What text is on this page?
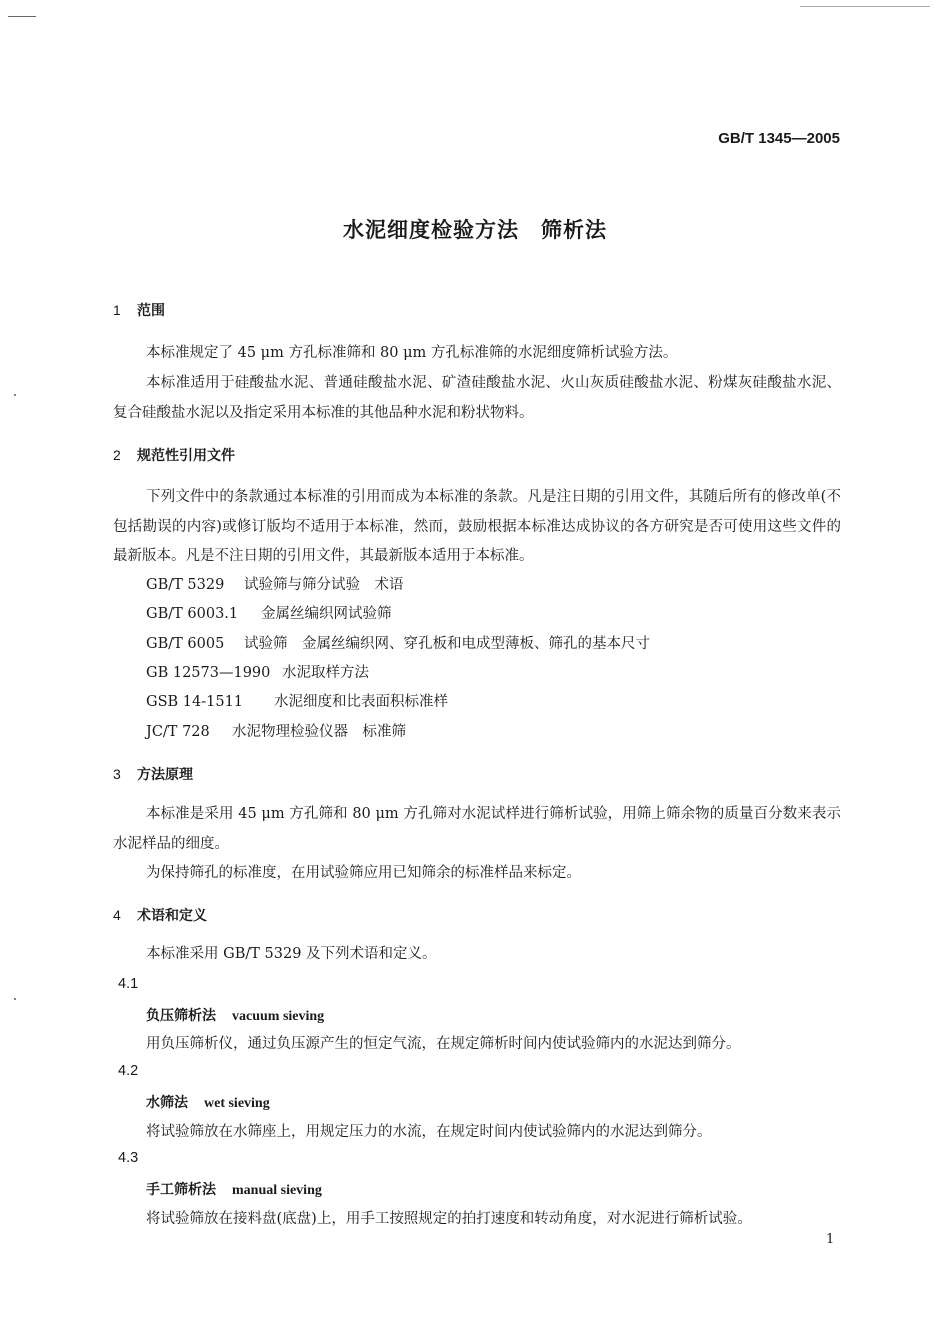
GB/T 1345—2005
水泥细度检验方法　筛析法
1 范围

本标准规定了 45 μm 方孔标准筛和 80 μm 方孔标准筛的水泥细度筛析试验方法。

本标准适用于硅酸盐水泥、普通硅酸盐水泥、矿渣硅酸盐水泥、火山灰质硅酸盐水泥、粉煤灰硅酸盐水泥、复合硅酸盐水泥以及指定采用本标准的其他品种水泥和粉状物料。

2 规范性引用文件

下列文件中的条款通过本标准的引用而成为本标准的条款。凡是注日期的引用文件，其随后所有的修改单(不包括勘误的内容)或修订版均不适用于本标准，然而，鼓励根据本标准达成协议的各方研究是否可使用这些文件的最新版本。凡是不注日期的引用文件，其最新版本适用于本标准。

GB/T 5329 试验筛与筛分试验　术语
GB/T 6003.1 金属丝编织网试验筛
GB/T 6005 试验筛　金属丝编织网、穿孔板和电成型薄板、筛孔的基本尺寸
GB 12573—1990 水泥取样方法
GSB 14-1511 水泥细度和比表面积标准样
JC/T 728 水泥物理检验仪器　标准筛
3 方法原理

本标准是采用 45 μm 方孔筛和 80 μm 方孔筛对水泥试样进行筛析试验，用筛上筛余物的质量百分数来表示水泥样品的细度。

为保持筛孔的标准度，在用试验筛应用已知筛余的标准样品来标定。

4 术语和定义

本标准采用 GB/T 5329 及下列术语和定义。

4.1
负压筛析法 vacuum sieving
用负压筛析仪，通过负压源产生的恒定气流，在规定筛析时间内使试验筛内的水泥达到筛分。
4.2
水筛法 wet sieving
将试验筛放在水筛座上，用规定压力的水流，在规定时间内使试验筛内的水泥达到筛分。
4.3
手工筛析法 manual sieving
将试验筛放在接料盘(底盘)上，用手工按照规定的拍打速度和转动角度，对水泥进行筛析试验。
1
